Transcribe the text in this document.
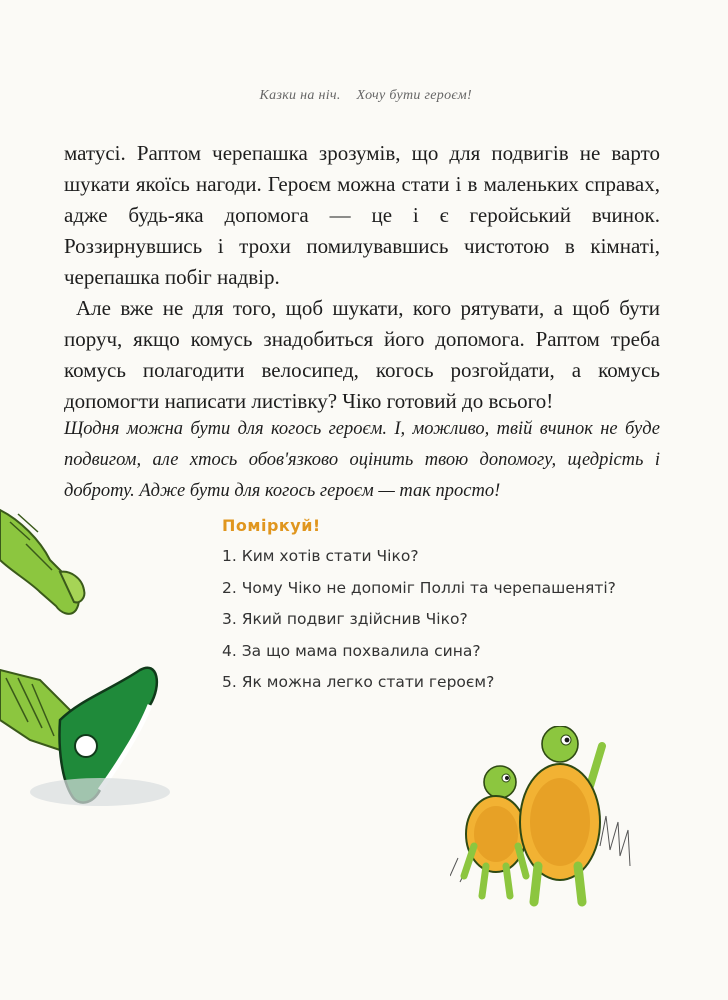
Казки на ніч. Хочу бути героєм!

матусі. Раптом черепашка зрозумів, що для подвигів не варто шукати якоїсь нагоди. Героєм можна стати і в маленьких справах, адже будь-яка допомога — це і є геройський вчинок. Роззирнувшись і трохи помилувавшись чистотою в кімнаті, черепашка побіг надвір.

Але вже не для того, щоб шукати, кого рятувати, а щоб бути поруч, якщо комусь знадобиться його допомога. Раптом треба комусь полагодити велосипед, когось розгойдати, а комусь допомогти написати листівку? Чіко готовий до всього!

Щодня можна бути для когось героєм. І, можливо, твій вчинок не буде подвигом, але хтось обов'язково оцінить твою допомогу, щедрість і доброту. Адже бути для когось героєм — так просто!
Поміркуй!
1. Ким хотів стати Чіко?
2. Чому Чіко не допоміг Поллі та черепашеняті?
3. Який подвиг здійснив Чіко?
4. За що мама похвалила сина?
5. Як можна легко стати героєм?
